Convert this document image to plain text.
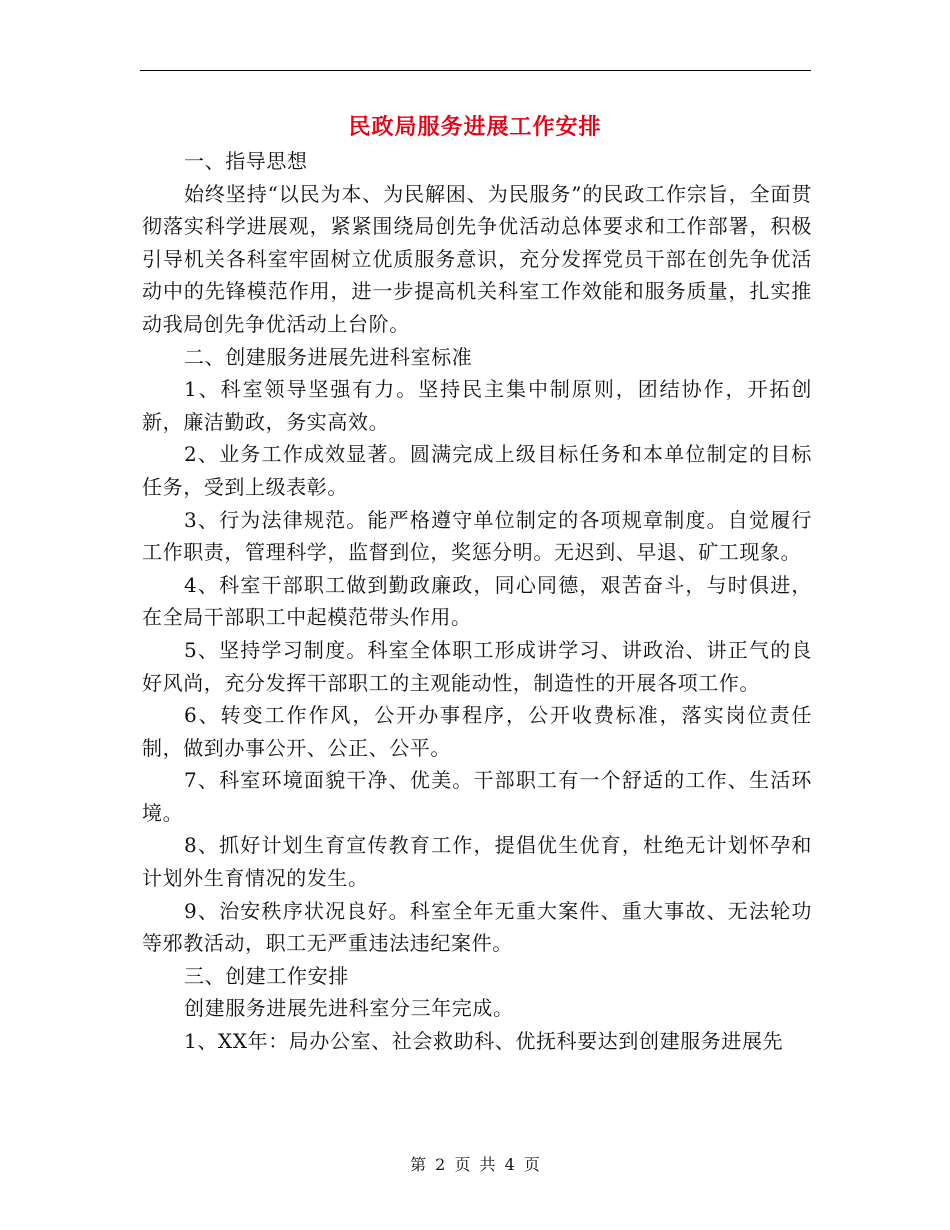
民政局服务进展工作安排

一、指导思想

始终坚持“以民为本、为民解困、为民服务”的民政工作宗旨，全面贯彻落实科学进展观，紧紧围绕局创先争优活动总体要求和工作部署，积极引导机关各科室牢固树立优质服务意识，充分发挥党员干部在创先争优活动中的先锋模范作用，进一步提高机关科室工作效能和服务质量，扎实推动我局创先争优活动上台阶。

二、创建服务进展先进科室标准

1、科室领导坚强有力。坚持民主集中制原则，团结协作，开拓创新，廉洁勤政，务实高效。

2、业务工作成效显著。圆满完成上级目标任务和本单位制定的目标任务，受到上级表彰。

3、行为法律规范。能严格遵守单位制定的各项规章制度。自觉履行工作职责，管理科学，监督到位，奖惩分明。无迟到、早退、矿工现象。

4、科室干部职工做到勤政廉政，同心同德，艰苦奋斗，与时俱进，在全局干部职工中起模范带头作用。

5、坚持学习制度。科室全体职工形成讲学习、讲政治、讲正气的良好风尚，充分发挥干部职工的主观能动性，制造性的开展各项工作。

6、转变工作作风，公开办事程序，公开收费标准，落实岗位责任制，做到办事公开、公正、公平。

7、科室环境面貌干净、优美。干部职工有一个舒适的工作、生活环境。

8、抓好计划生育宣传教育工作，提倡优生优育，杜绝无计划怀孕和计划外生育情况的发生。

9、治安秩序状况良好。科室全年无重大案件、重大事故、无法轮功等邪教活动，职工无严重违法违纪案件。

三、创建工作安排

创建服务进展先进科室分三年完成。

1、XX年：局办公室、社会救助科、优抚科要达到创建服务进展先

第 2 页 共 4 页
